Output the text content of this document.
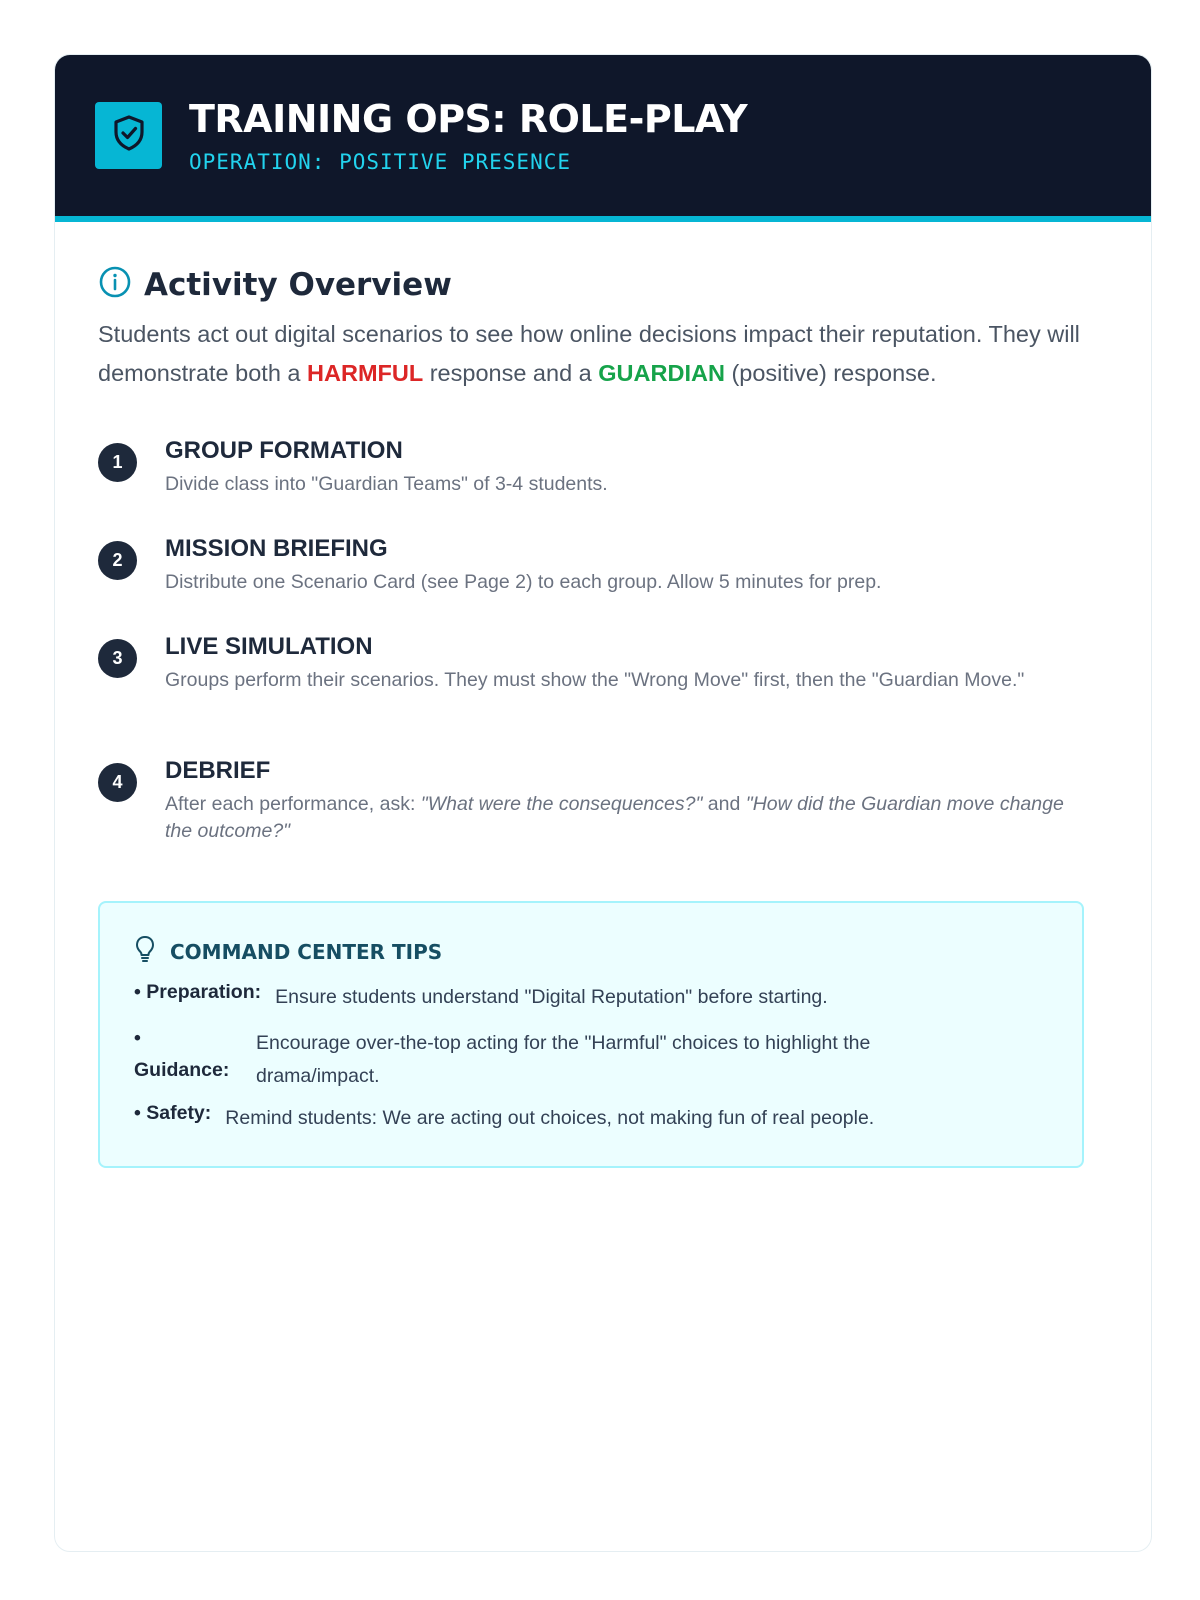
TRAINING OPS: ROLE-PLAY
OPERATION: POSITIVE PRESENCE
Activity Overview

Students act out digital scenarios to see how online decisions impact their reputation. They will demonstrate both a HARMFUL response and a GUARDIAN (positive) response.

1	GROUP FORMATION
Divide class into "Guardian Teams" of 3-4 students.
2	MISSION BRIEFING
Distribute one Scenario Card (see Page 2) to each group. Allow 5 minutes for prep.
3	LIVE SIMULATION
Groups perform their scenarios. They must show the "Wrong Move" first, then the "Guardian Move."
4	DEBRIEF
After each performance, ask: "What were the consequences?" and "How did the Guardian move change the outcome?"
COMMAND CENTER TIPS
• Preparation: Ensure students understand "Digital Reputation" before starting.
•
Guidance:
Encourage over-the-top acting for the "Harmful" choices to highlight the drama/impact.
• Safety: Remind students: We are acting out choices, not making fun of real people.
